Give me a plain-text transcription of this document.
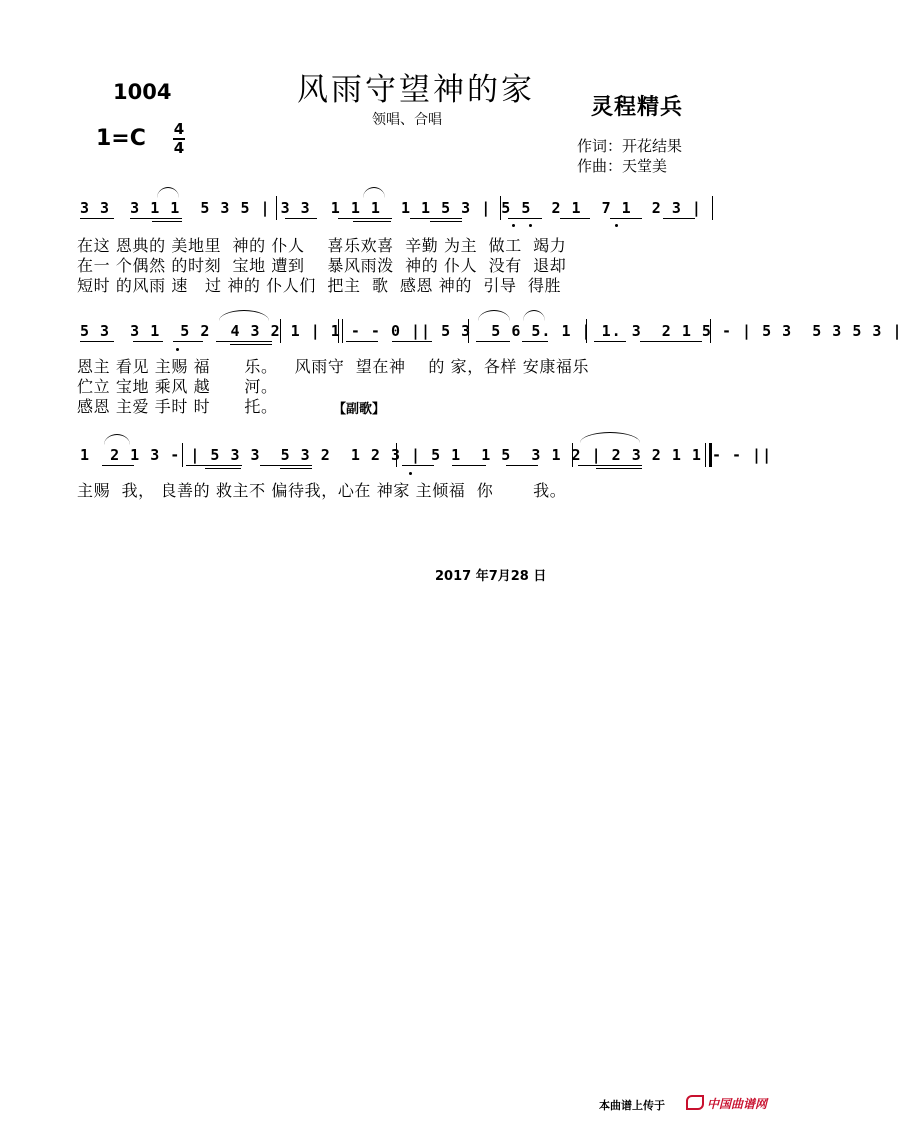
1004	风雨守望神的家
领唱、合唱	灵程精兵
作词：开花结果
作曲：天堂美
1=C 4
4
3 3  3 1 1  5 3 5 | 3 3  1 1 1  1 1 5 3 | 5 5  2 1  7 1  2 3 |
在这 恩典的 美地里  神的 仆人    喜乐欢喜  辛勤 为主  做工  竭力
在一 个偶然 的时刻  宝地 遭到    暴风雨泼  神的 仆人  没有  退却
短时 的风雨 速   过 神的 仆人们  把主  歌  感恩 神的  引导  得胜
5 3  3 1  5 2  4 3 2 1 | 1 - - 0 || 5 3  5 6 5. 1 | 1. 3  2 1 5 - | 5 3  5 3 5 3 |
恩主 看见 主赐 福      乐。   风雨守  望在神    的 家，各样 安康福乐
伫立 宝地 乘风 越      河。
感恩 主爱 手时 时      托。	【副歌】
1  2 1 3 - | 5 3 3  5 3 2  1 2 3 | 5 1  1 5  3 1 2 | 2 3 2 1 1 - - ||
主赐  我， 良善的 救主不 偏待我，心在 神家 主倾福  你       我。
2017 年7月28 日
本曲谱上传于	中国曲谱网
